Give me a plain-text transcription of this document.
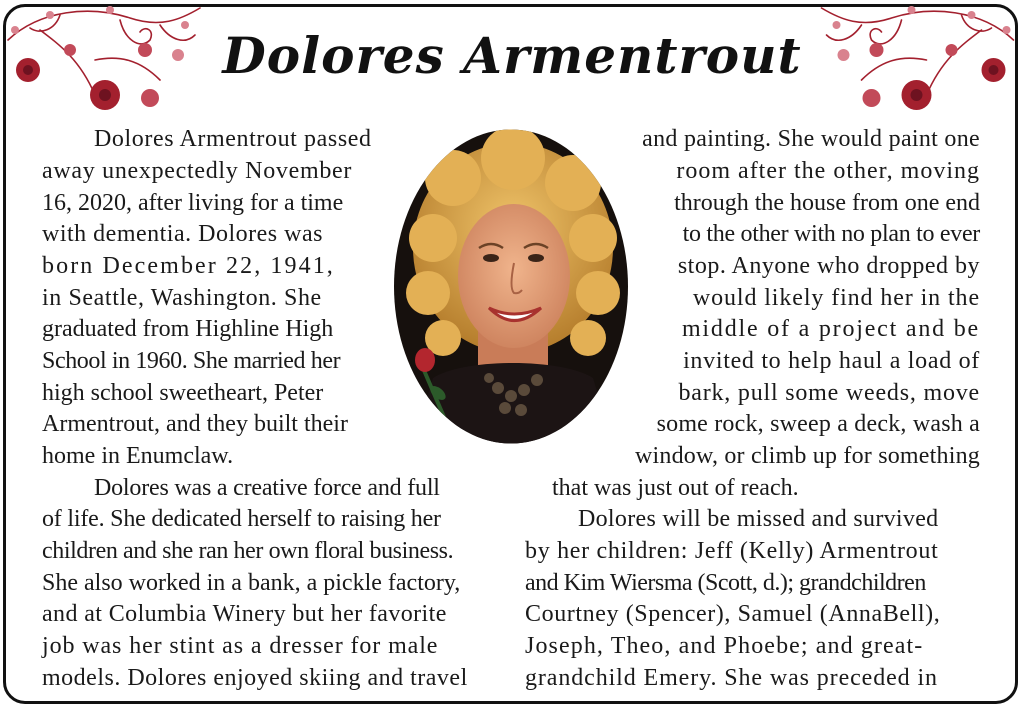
Dolores Armentrout

Dolores Armentrout passed

away unexpectedly November

16, 2020, after living for a time

with dementia. Dolores was

born December 22, 1941,

in Seattle, Washington. She

graduated from Highline High

School in 1960. She married her

high school sweetheart, Peter

Armentrout, and they built their

home in Enumclaw.

Dolores was a creative force and full

of life. She dedicated herself to raising her

children and she ran her own floral business.

She also worked in a bank, a pickle factory,

and at Columbia Winery but her favorite

job was her stint as a dresser for male

models. Dolores enjoyed skiing and travel

and painting. She would paint one

room after the other, moving

through the house from one end

to the other with no plan to ever

stop. Anyone who dropped by

would likely find her in the

middle of a project and be

invited to help haul a load of

bark, pull some weeds, move

some rock, sweep a deck, wash a

window, or climb up for something

that was just out of reach.

Dolores will be missed and survived

by her children: Jeff (Kelly) Armentrout

and Kim Wiersma (Scott, d.); grandchildren

Courtney (Spencer), Samuel (AnnaBell),

Joseph, Theo, and Phoebe; and great-

grandchild Emery. She was preceded in
